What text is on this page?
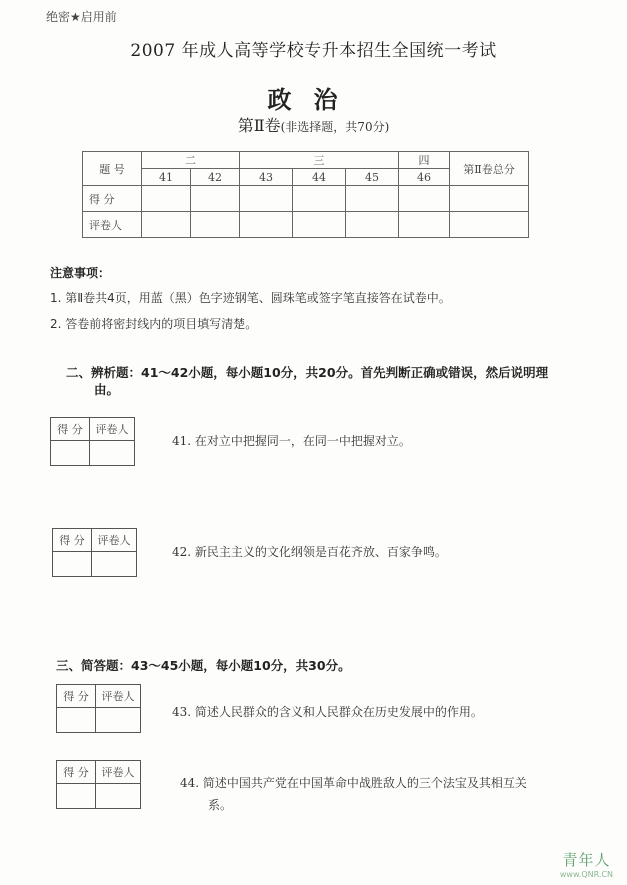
绝密★启用前
2007 年成人高等学校专升本招生全国统一考试
政治
第Ⅱ卷(非选择题，共70分)
题 号	二		三			四	第Ⅱ卷总分
	41	42	43	44	45	46	
得 分							
评卷人							
注意事项：
1. 第Ⅱ卷共4页，用蓝（黑）色字迹钢笔、圆珠笔或签字笔直接答在试卷中。
2. 答卷前将密封线内的项目填写清楚。
二、辨析题：41～42小题，每小题10分，共20分。首先判断正确或错误，然后说明理
由。
得 分	评卷人

41. 在对立中把握同一，在同一中把握对立。
得 分	评卷人

42. 新民主主义的文化纲领是百花齐放、百家争鸣。
三、简答题：43～45小题，每小题10分，共30分。
得 分	评卷人

43. 简述人民群众的含义和人民群众在历史发展中的作用。
得 分	评卷人

44. 简述中国共产党在中国革命中战胜敌人的三个法宝及其相互关
系。
青年人
www.QNR.CN
